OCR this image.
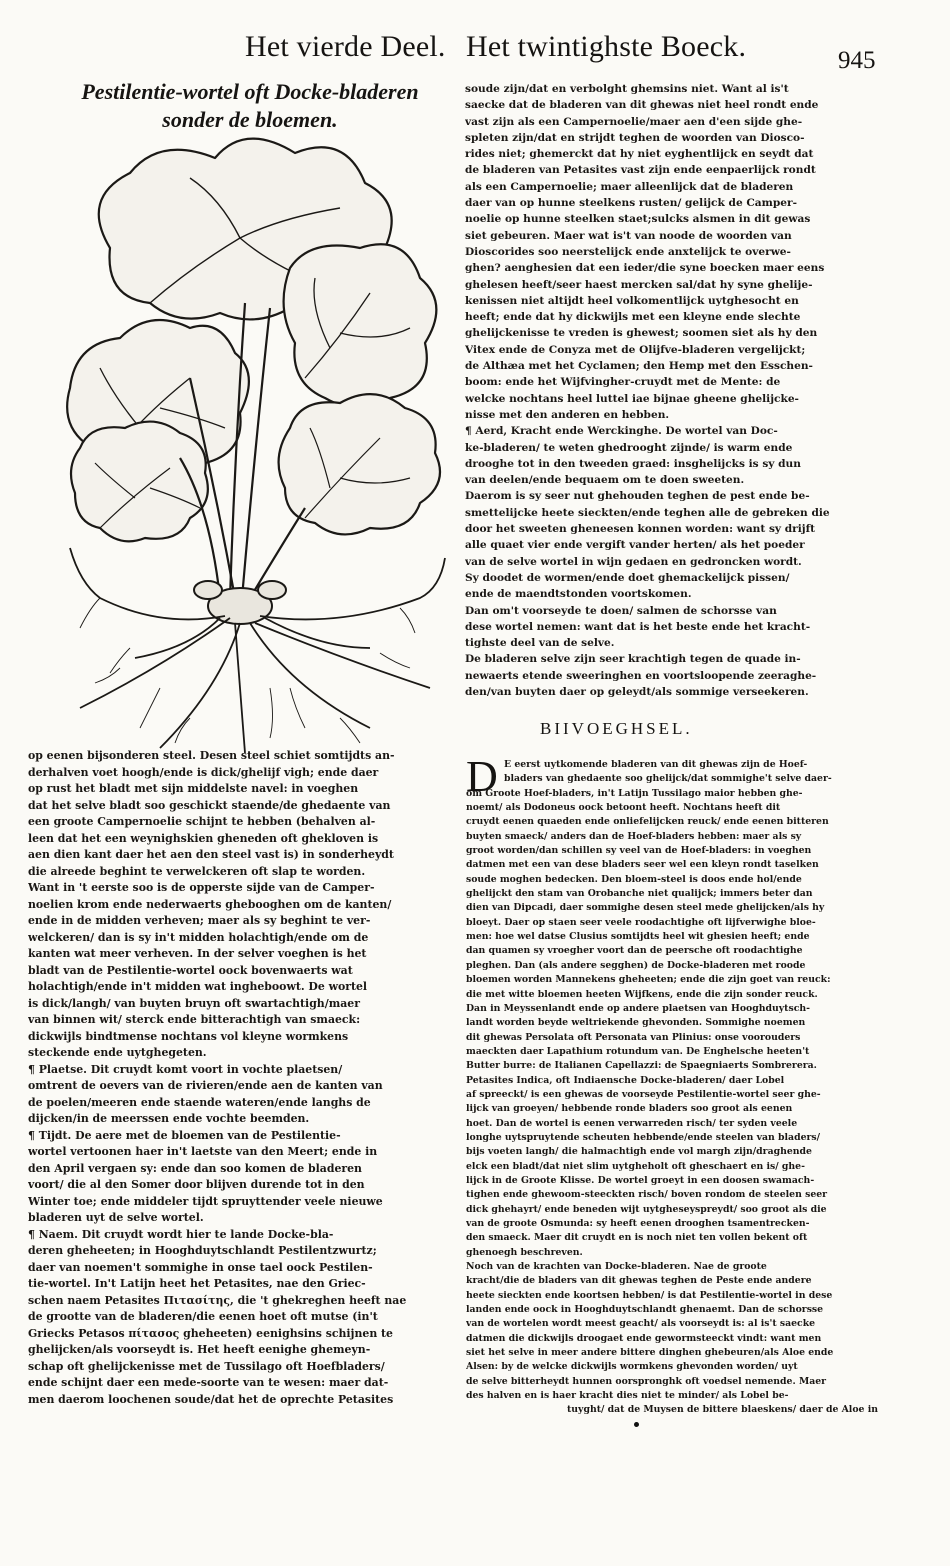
Het vierde Deel. Het twintighste Boeck.	945
Pestilentie-wortel oft Docke-bladeren
sonder de bloemen.

soude zijn/dat en verbolght ghemsins niet. Want al is't

saecke dat de bladeren van dit ghewas niet heel rondt ende

vast zijn als een Campernoelie/maer aen d'een sijde ghe-

spleten zijn/dat en strijdt teghen de woorden van Diosco-

rides niet; ghemerckt dat hy niet eyghentlijck en seydt dat

de bladeren van Petasites vast zijn ende eenpaerlijck rondt

als een Campernoelie; maer alleenlijck dat de bladeren

daer van op hunne steelkens rusten/ gelijck de Camper-

noelie op hunne steelken staet;sulcks alsmen in dit gewas

siet gebeuren. Maer wat is't van noode de woorden van

Dioscorides soo neerstelijck ende anxtelijck te overwe-

ghen? aenghesien dat een ieder/die syne boecken maer eens

ghelesen heeft/seer haest mercken sal/dat hy syne ghelije-

kenissen niet altijdt heel volkomentlijck uytghesocht en

heeft; ende dat hy dickwijls met een kleyne ende slechte

ghelijckenisse te vreden is ghewest; soomen siet als hy den

Vitex ende de Conyza met de Olijfve-bladeren vergelijckt;

de Althæa met het Cyclamen; den Hemp met den Esschen-

boom: ende het Wijfvingher-cruydt met de Mente: de

welcke nochtans heel luttel iae bijnae gheene ghelijcke-

nisse met den anderen en hebben.

¶ Aerd, Kracht ende Werckinghe. De wortel van Doc-

ke-bladeren/ te weten ghedrooght zijnde/ is warm ende

drooghe tot in den tweeden graed: insghelijcks is sy dun

van deelen/ende bequaem om te doen sweeten.

Daerom is sy seer nut ghehouden teghen de pest ende be-

smettelijcke heete sieckten/ende teghen alle de gebreken die

door het sweeten gheneesen konnen worden: want sy drijft

alle quaet vier ende vergift vander herten/ als het poeder

van de selve wortel in wijn gedaen en gedroncken wordt.

Sy doodet de wormen/ende doet ghemackelijck pissen/

ende de maendtstonden voortskomen.

Dan om't voorseyde te doen/ salmen de schorsse van

dese wortel nemen: want dat is het beste ende het kracht-

tighste deel van de selve.

De bladeren selve zijn seer krachtigh tegen de quade in-

newaerts etende sweeringhen en voortsloopende zeeraghe-

den/van buyten daer op geleydt/als sommige verseekeren.

BIIVOEGHSEL.

op eenen bijsonderen steel. Desen steel schiet somtijdts an-

derhalven voet hoogh/ende is dick/ghelijf vigh; ende daer

op rust het bladt met sijn middelste navel: in voeghen

dat het selve bladt soo geschickt staende/de ghedaente van

een groote Campernoelie schijnt te hebben (behalven al-

leen dat het een weynighskien gheneden oft ghekloven is

aen dien kant daer het aen den steel vast is) in sonderheydt

die alreede beghint te verwelckeren oft slap te worden.

Want in 't eerste soo is de opperste sijde van de Camper-

noelien krom ende nederwaerts ghebooghen om de kanten/

ende in de midden verheven; maer als sy beghint te ver-

welckeren/ dan is sy in't midden holachtigh/ende om de

kanten wat meer verheven. In der selver voeghen is het

bladt van de Pestilentie-wortel oock bovenwaerts wat

holachtigh/ende in't midden wat ingheboowt. De wortel

is dick/langh/ van buyten bruyn oft swartachtigh/maer

van binnen wit/ sterck ende bitterachtigh van smaeck:

dickwijls bindtmense nochtans vol kleyne wormkens

steckende ende uytghegeten.

¶ Plaetse. Dit cruydt komt voort in vochte plaetsen/

omtrent de oevers van de rivieren/ende aen de kanten van

de poelen/meeren ende staende wateren/ende langhs de

dijcken/in de meerssen ende vochte beemden.

¶ Tijdt. De aere met de bloemen van de Pestilentie-

wortel vertoonen haer in't laetste van den Meert; ende in

den April vergaen sy: ende dan soo komen de bladeren

voort/ die al den Somer door blijven durende tot in den

Winter toe; ende middeler tijdt spruyttender veele nieuwe

bladeren uyt de selve wortel.

¶ Naem. Dit cruydt wordt hier te lande Docke-bla-

deren gheheeten; in Hooghduytschlandt Pestilentzwurtz;

daer van noemen't sommighe in onse tael oock Pestilen-

tie-wortel. In't Latijn heet het Petasites, nae den Griec-

schen naem Petasites Πιτασίτης, die 't ghekreghen heeft nae

de grootte van de bladeren/die eenen hoet oft mutse (in't

Griecks Petasos πίτασος gheheeten) eenighsins schijnen te

ghelijcken/als voorseydt is. Het heeft eenighe ghemeyn-

schap oft ghelijckenisse met de Tussilago oft Hoefbladers/

ende schijnt daer een mede-soorte van te wesen: maer dat-

men daerom loochenen soude/dat het de oprechte Petasites

D E eerst uytkomende bladeren van dit ghewas zijn de Hoef-

bladers van ghedaente soo ghelijck/dat sommighe't selve daer-

om Groote Hoef-bladers, in't Latijn Tussilago maior hebben ghe-

noemt/ als Dodoneus oock betoont heeft. Nochtans heeft dit

cruydt eenen quaeden ende onliefelijcken reuck/ ende eenen bitteren

buyten smaeck/ anders dan de Hoef-bladers hebben: maer als sy

groot worden/dan schillen sy veel van de Hoef-bladers: in voeghen

datmen met een van dese bladers seer wel een kleyn rondt taselken

soude moghen bedecken. Den bloem-steel is doos ende hol/ende

ghelijckt den stam van Orobanche niet qualijck; immers beter dan

dien van Dipcadi, daer sommighe desen steel mede ghelijcken/als hy

bloeyt. Daer op staen seer veele roodachtighe oft lijfverwighe bloe-

men: hoe wel datse Clusius somtijdts heel wit ghesien heeft; ende

dan quamen sy vroegher voort dan de peersche oft roodachtighe

pleghen. Dan (als andere segghen) de Docke-bladeren met roode

bloemen worden Mannekens gheheeten; ende die zijn goet van reuck:

die met witte bloemen heeten Wijfkens, ende die zijn sonder reuck.

Dan in Meyssenlandt ende op andere plaetsen van Hooghduytsch-

landt worden beyde weltriekende ghevonden. Sommighe noemen

dit ghewas Persolata oft Personata van Plinius: onse voorouders

maeckten daer Lapathium rotundum van. De Enghelsche heeten't

Butter burre: de Italianen Capellazzi: de Spaegniaerts Sombrerera.

Petasites Indica, oft Indiaensche Docke-bladeren/ daer Lobel

af spreeckt/ is een ghewas de voorseyde Pestilentie-wortel seer ghe-

lijck van groeyen/ hebbende ronde bladers soo groot als eenen

hoet. Dan de wortel is eenen verwarreden risch/ ter syden veele

longhe uytspruytende scheuten hebbende/ende steelen van bladers/

bijs voeten langh/ die halmachtigh ende vol margh zijn/draghende

elck een bladt/dat niet slim uytgheholt oft gheschaert en is/ ghe-

lijck in de Groote Klisse. De wortel groeyt in een doosen swamach-

tighen ende ghewoom-steeckten risch/ boven rondom de steelen seer

dick ghehayrt/ ende beneden wijt uytgheseyspreydt/ soo groot als die

van de groote Osmunda: sy heeft eenen drooghen tsamentrecken-

den smaeck. Maer dit cruydt en is noch niet ten vollen bekent oft

ghenoegh beschreven.

Noch van de krachten van Docke-bladeren. Nae de groote

kracht/die de bladers van dit ghewas teghen de Peste ende andere

heete sieckten ende koortsen hebben/ is dat Pestilentie-wortel in dese

landen ende oock in Hooghduytschlandt ghenaemt. Dan de schorsse

van de wortelen wordt meest geacht/ als voorseydt is: al is't saecke

datmen die dickwijls droogaet ende gewormsteeckt vindt: want men

siet het selve in meer andere bittere dinghen ghebeuren/als Aloe ende

Alsen: by de welcke dickwijls wormkens ghevonden worden/ uyt

de selve bitterheydt hunnen oorspronghk oft voedsel nemende. Maer

des halven en is haer kracht dies niet te minder/ als Lobel be-

tuyght/ dat de Muysen de bittere blaeskens/ daer de Aloe in
